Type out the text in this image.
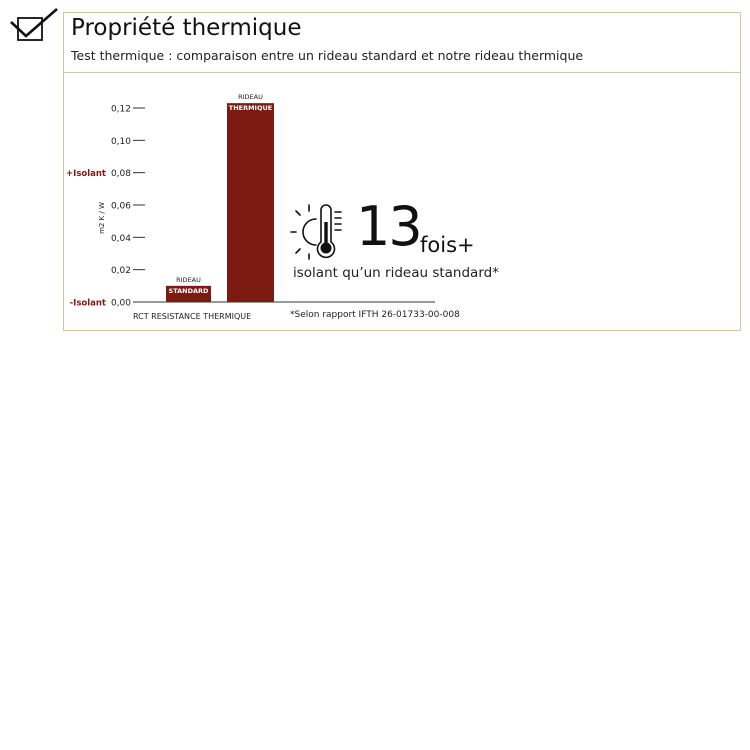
Propriété thermique
Test thermique : comparaison entre un rideau standard et notre rideau thermique
0,00
0,02
0,04
0,06
0,08
0,10
0,12
+Isolant
-Isolant
m2 K / W
RIDEAU
STANDARD
RIDEAU
THERMIQUE
RCT RESISTANCE THERMIQUE
13 fois+
isolant qu’un rideau standard*
*Selon rapport IFTH 26-01733-00-008
